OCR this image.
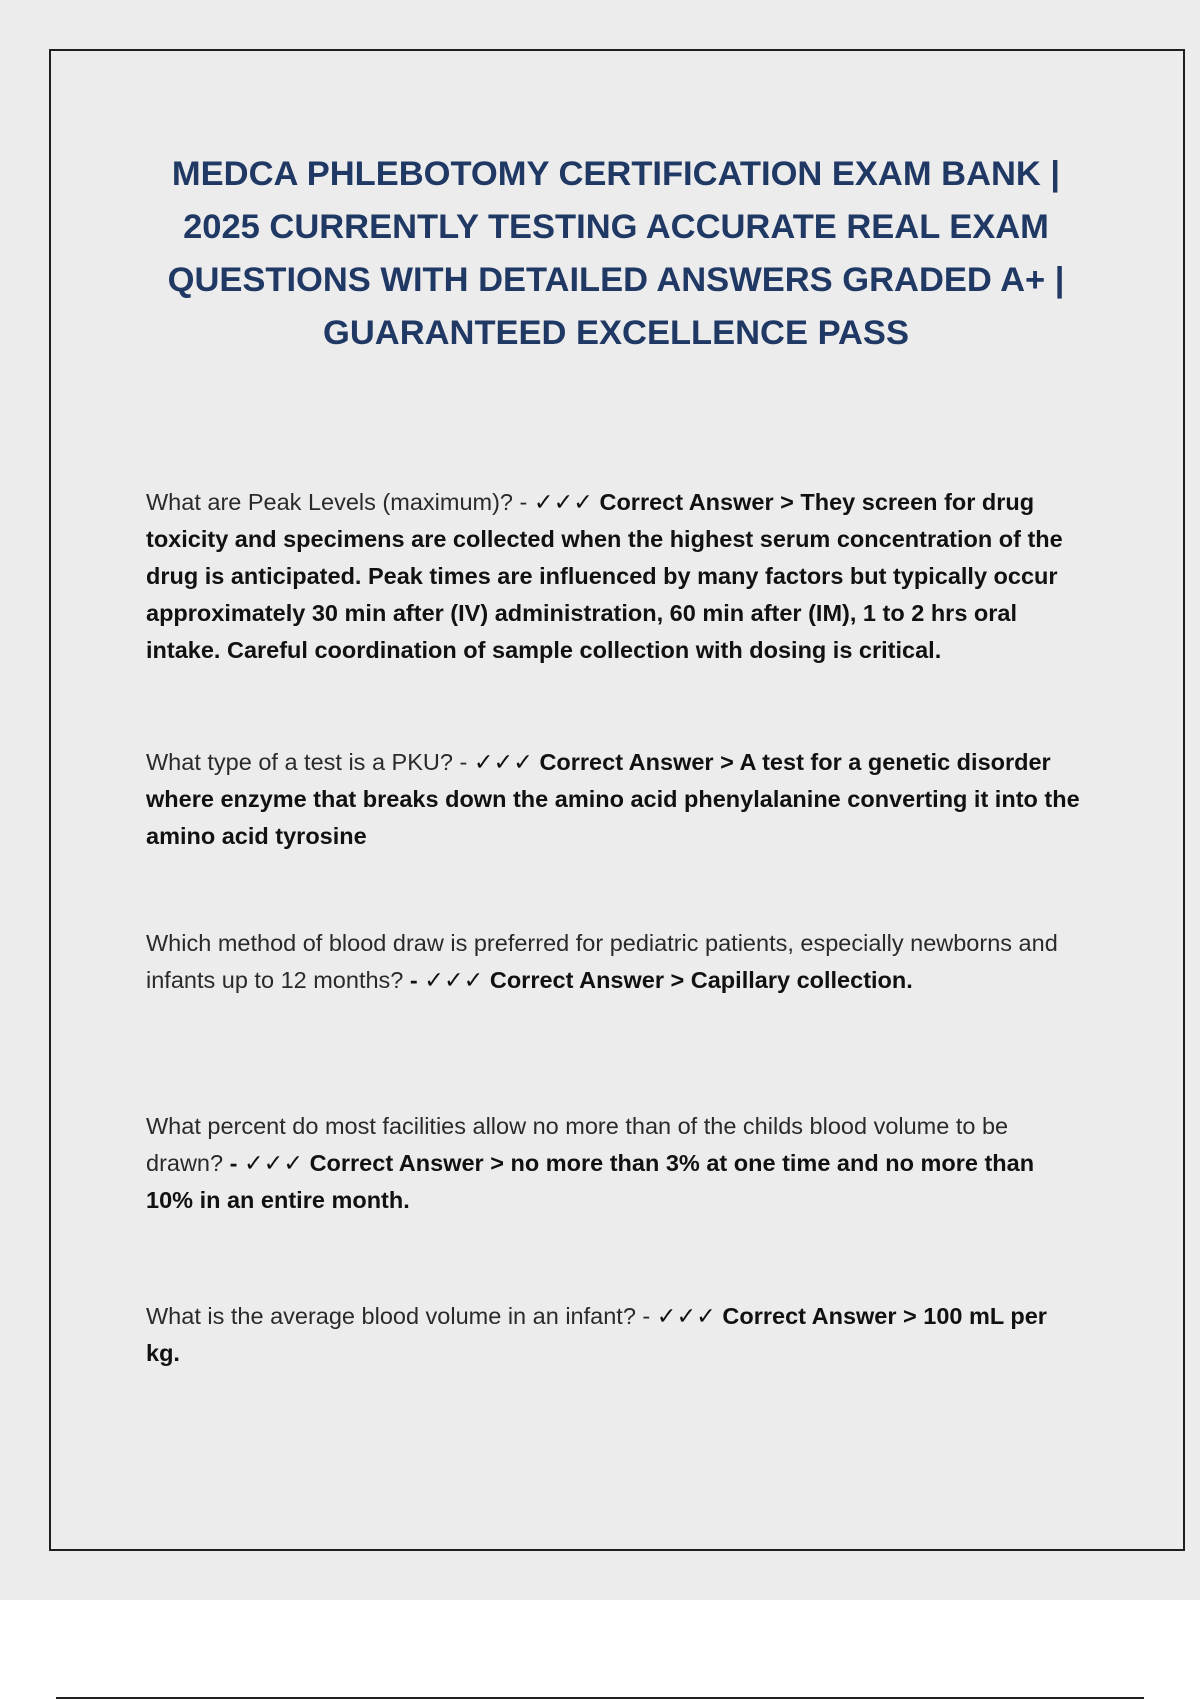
MEDCA PHLEBOTOMY CERTIFICATION EXAM BANK | 2025 CURRENTLY TESTING ACCURATE REAL EXAM QUESTIONS WITH DETAILED ANSWERS GRADED A+ | GUARANTEED EXCELLENCE PASS

What are Peak Levels (maximum)? - ✓✓✓ Correct Answer > They screen for drug toxicity and specimens are collected when the highest serum concentration of the drug is anticipated. Peak times are influenced by many factors but typically occur approximately 30 min after (IV) administration, 60 min after (IM), 1 to 2 hrs oral intake. Careful coordination of sample collection with dosing is critical.

What type of a test is a PKU? - ✓✓✓ Correct Answer > A test for a genetic disorder where enzyme that breaks down the amino acid phenylalanine converting it into the amino acid tyrosine

Which method of blood draw is preferred for pediatric patients, especially newborns and infants up to 12 months? - ✓✓✓ Correct Answer > Capillary collection.

What percent do most facilities allow no more than of the childs blood volume to be drawn? - ✓✓✓ Correct Answer > no more than 3% at one time and no more than 10% in an entire month.

What is the average blood volume in an infant? - ✓✓✓ Correct Answer > 100 mL per kg.
